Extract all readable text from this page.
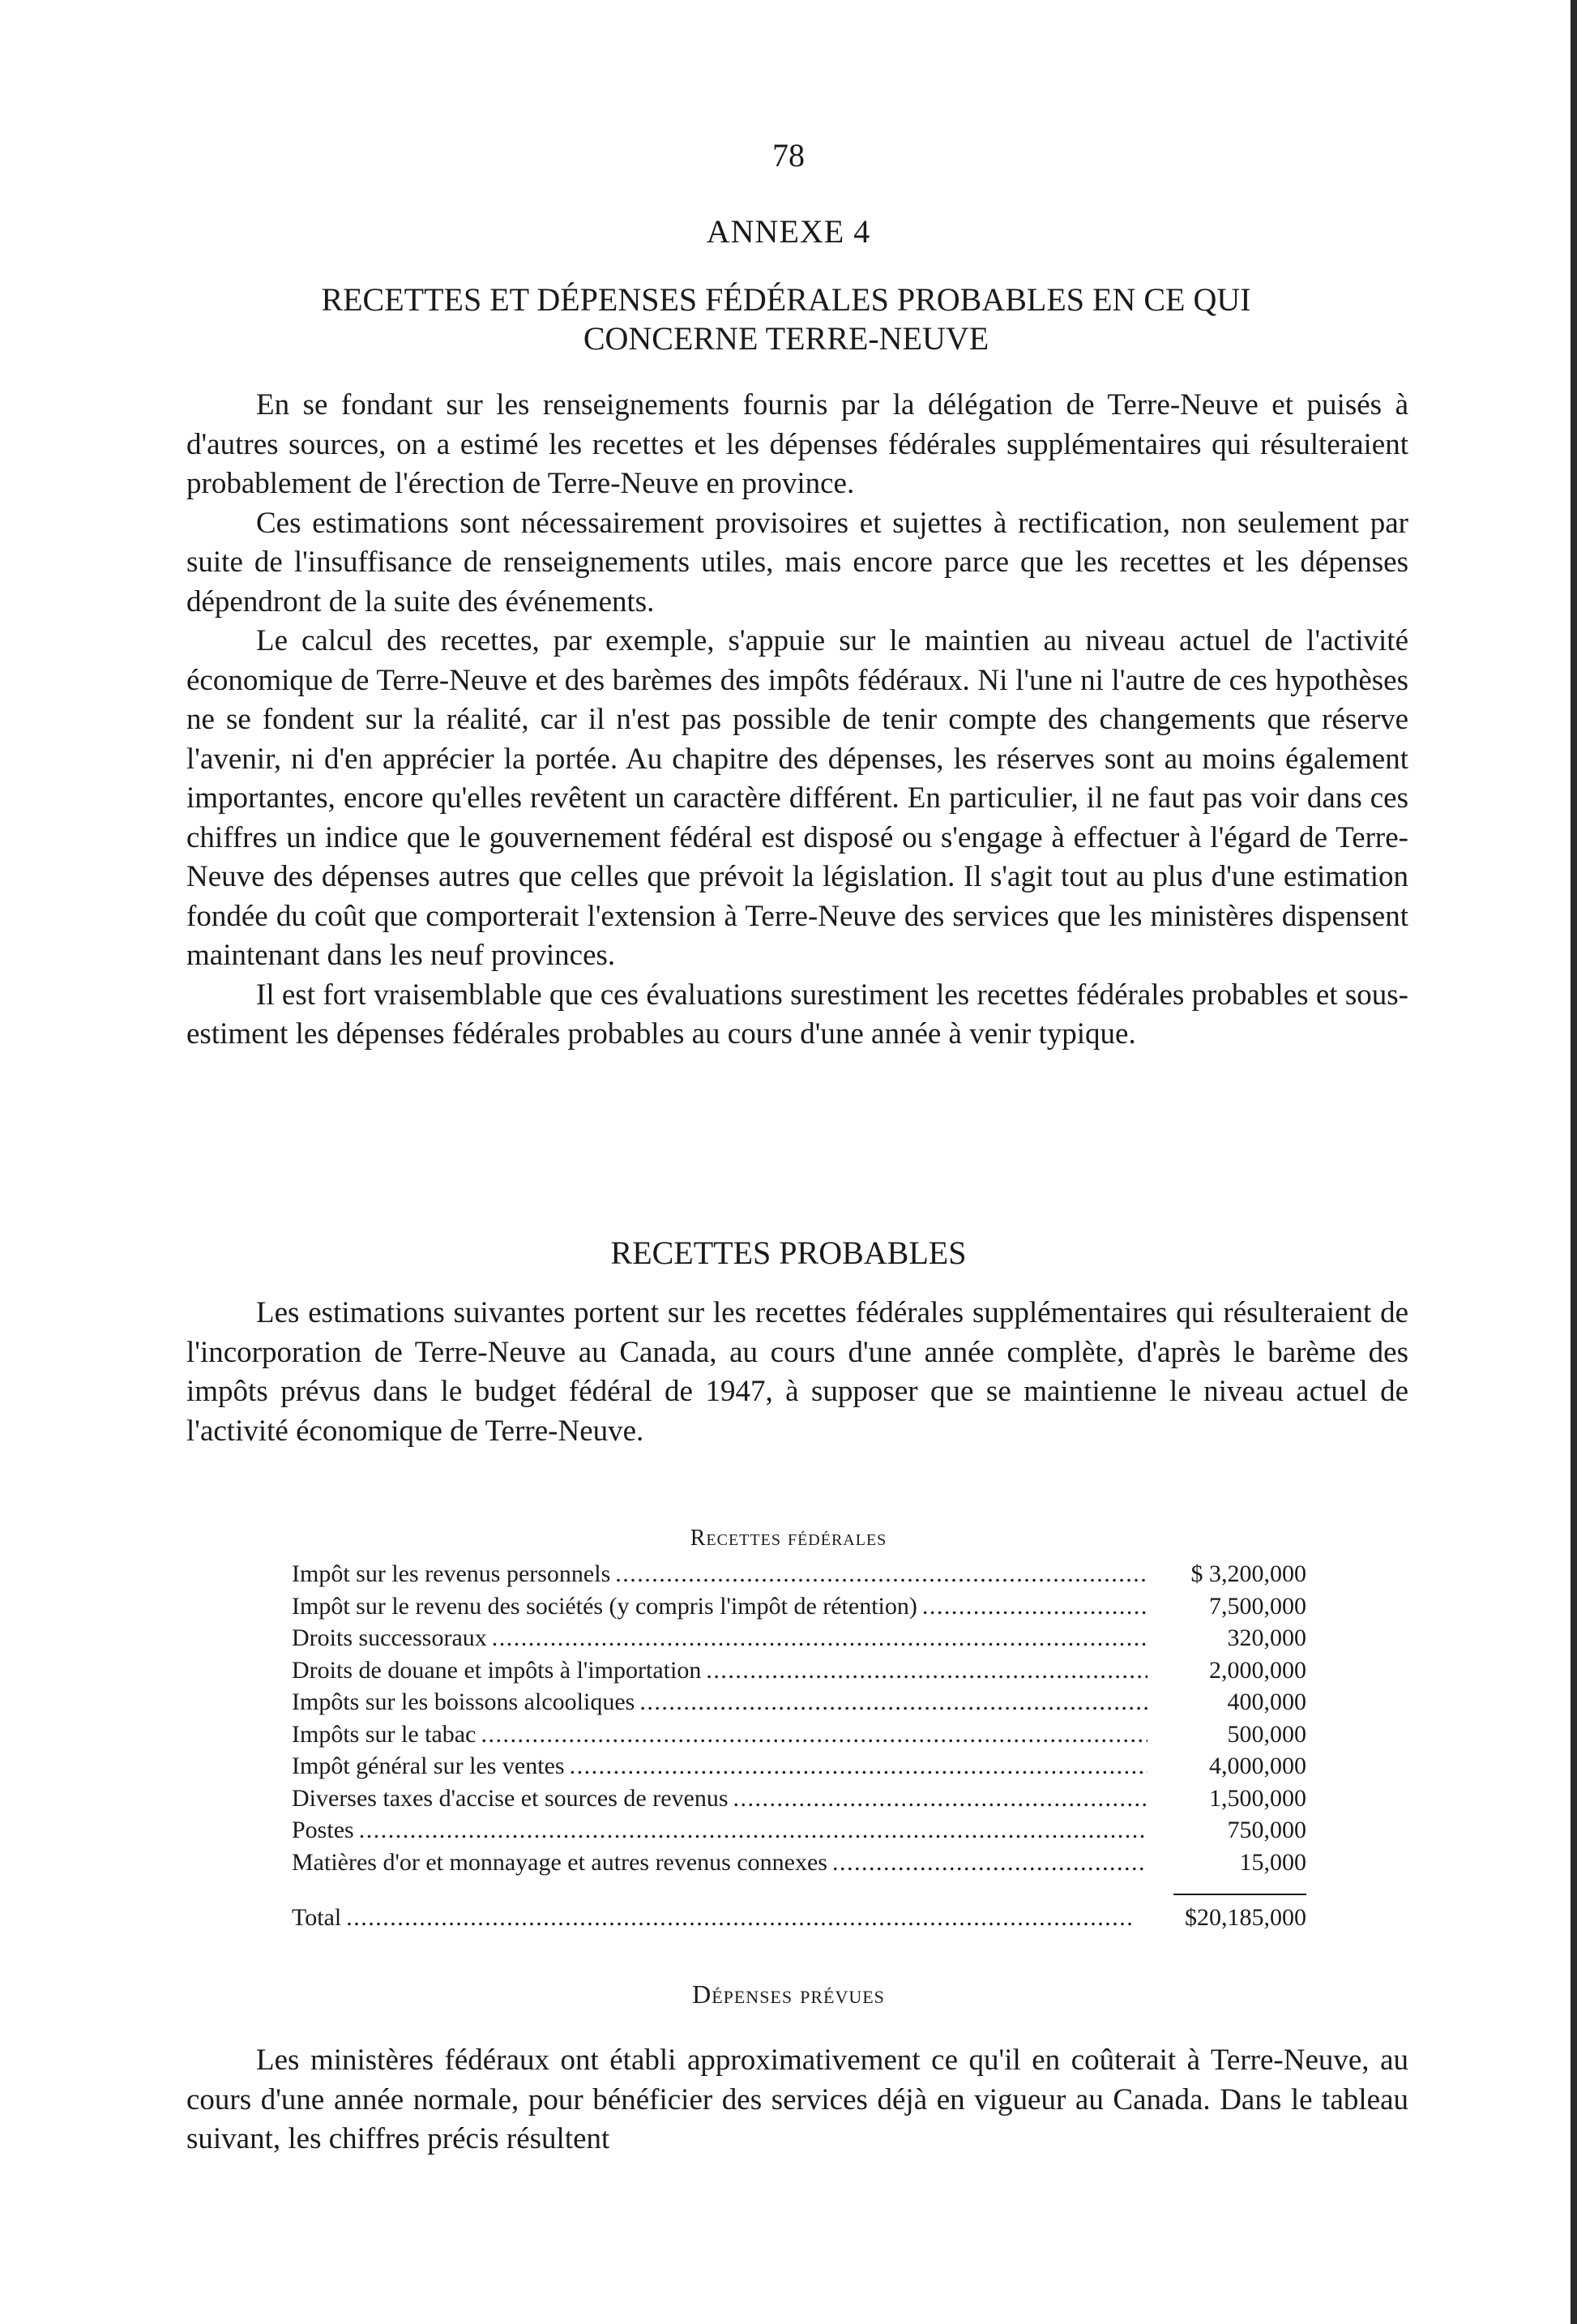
78
ANNEXE 4
RECETTES ET DÉPENSES FÉDÉRALES PROBABLES EN CE QUI
CONCERNE TERRE-NEUVE

En se fondant sur les renseignements fournis par la délégation de Terre-Neuve et puisés à d'autres sources, on a estimé les recettes et les dépenses fédérales supplémentaires qui résulteraient probablement de l'érection de Terre-Neuve en province.

Ces estimations sont nécessairement provisoires et sujettes à rectification, non seulement par suite de l'insuffisance de renseignements utiles, mais encore parce que les recettes et les dépenses dépendront de la suite des événements.

Le calcul des recettes, par exemple, s'appuie sur le maintien au niveau actuel de l'activité économique de Terre-Neuve et des barèmes des impôts fédéraux. Ni l'une ni l'autre de ces hypothèses ne se fondent sur la réalité, car il n'est pas possible de tenir compte des changements que réserve l'avenir, ni d'en apprécier la portée. Au chapitre des dépenses, les réserves sont au moins également importantes, encore qu'elles revêtent un caractère différent. En particulier, il ne faut pas voir dans ces chiffres un indice que le gouvernement fédéral est disposé ou s'engage à effectuer à l'égard de Terre-Neuve des dépenses autres que celles que prévoit la législation. Il s'agit tout au plus d'une estimation fondée du coût que comporterait l'extension à Terre-Neuve des services que les ministères dispensent maintenant dans les neuf provinces.

Il est fort vraisemblable que ces évaluations surestiment les recettes fédérales probables et sous-estiment les dépenses fédérales probables au cours d'une année à venir typique.

RECETTES PROBABLES

Les estimations suivantes portent sur les recettes fédérales supplémentaires qui résulteraient de l'incorporation de Terre-Neuve au Canada, au cours d'une année complète, d'après le barème des impôts prévus dans le budget fédéral de 1947, à supposer que se maintienne le niveau actuel de l'activité économique de Terre-Neuve.

Recettes fédérales
Impôt sur les revenus personnels . . .	$ 3,200,000
Impôt sur le revenu des sociétés (y compris l'impôt de rétention) . . .	7,500,000
Droits successoraux . . .	320,000
Droits de douane et impôts à l'importation . . .	2,000,000
Impôts sur les boissons alcooliques . . .	400,000
Impôts sur le tabac . . .	500,000
Impôt général sur les ventes . . .	4,000,000
Diverses taxes d'accise et sources de revenus . . .	1,500,000
Postes . . .	750,000
Matières d'or et monnayage et autres revenus connexes . . .	15,000
Total . . .	$20,185,000
Dépenses prévues

Les ministères fédéraux ont établi approximativement ce qu'il en coûterait à Terre-Neuve, au cours d'une année normale, pour bénéficier des services déjà en vigueur au Canada. Dans le tableau suivant, les chiffres précis résultent
